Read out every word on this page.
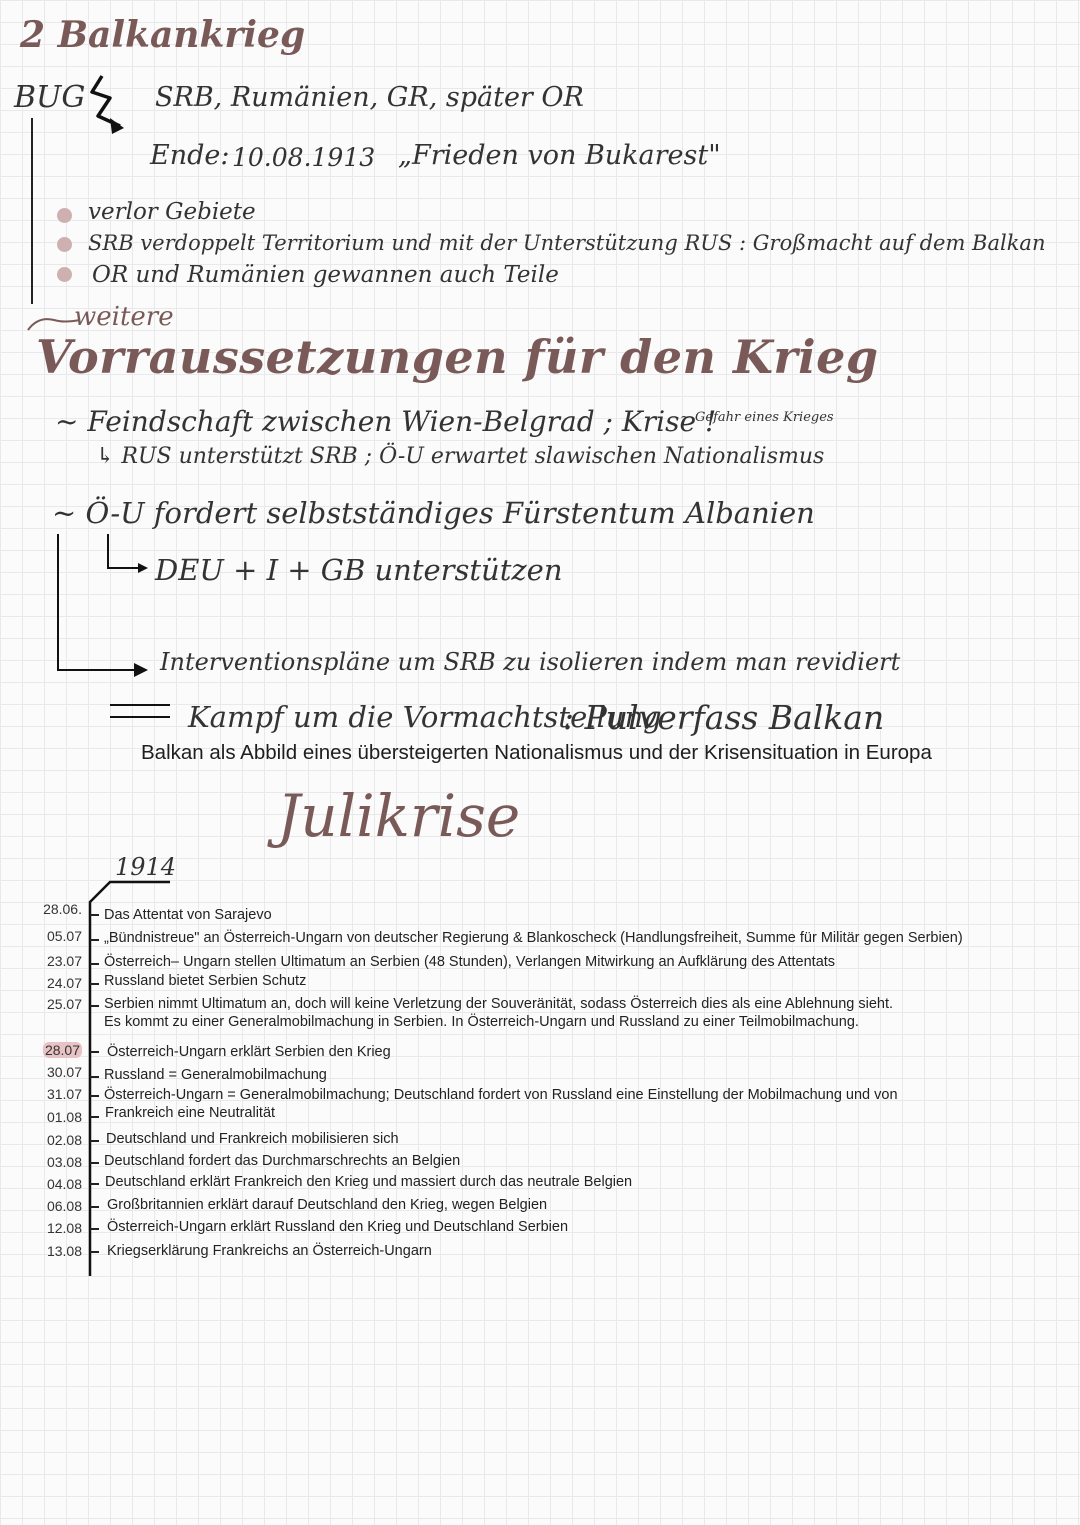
2 Balkankrieg
BUG	SRB, Rumänien, GR, später OR
Ende: 10.08.1913 „Frieden von Bukarest"
verlor Gebiete
SRB verdoppelt Territorium und mit der Unterstützung RUS : Großmacht auf dem Balkan
OR und Rumänien gewannen auch Teile
weitere
Vorraussetzungen für den Krieg
~ Feindschaft zwischen Wien-Belgrad ; Krise !
~ Gefahr eines Krieges
↳ RUS unterstützt SRB ; Ö-U erwartet slawischen Nationalismus
~ Ö-U fordert selbstständiges Fürstentum Albanien
DEU + I + GB unterstützen
Interventionspläne um SRB zu isolieren indem man revidiert
Kampf um die Vormachtstellung
: Pulverfass Balkan
Balkan als Abbild eines übersteigerten Nationalismus und der Krisensituation in Europa
Julikrise
1914
28.06. Das Attentat von Sarajevo
05.07 „Bündnistreue" an Österreich-Ungarn von deutscher Regierung & Blankoscheck (Handlungsfreiheit, Summe für Militär gegen Serbien)
23.07 Österreich– Ungarn stellen Ultimatum an Serbien (48 Stunden), Verlangen Mitwirkung an Aufklärung des Attentats
24.07 Russland bietet Serbien Schutz
25.07 Serbien nimmt Ultimatum an, doch will keine Verletzung der Souveränität, sodass Österreich dies als eine Ablehnung sieht.
Es kommt zu einer Generalmobilmachung in Serbien. In Österreich-Ungarn und Russland zu einer Teilmobilmachung.
28.07 Österreich-Ungarn erklärt Serbien den Krieg
30.07 Russland = Generalmobilmachung
31.07 Österreich-Ungarn = Generalmobilmachung; Deutschland fordert von Russland eine Einstellung der Mobilmachung und von
01.08 Frankreich eine Neutralität
02.08 Deutschland und Frankreich mobilisieren sich
03.08 Deutschland fordert das Durchmarschrechts an Belgien
04.08 Deutschland erklärt Frankreich den Krieg und massiert durch das neutrale Belgien
06.08 Großbritannien erklärt darauf Deutschland den Krieg, wegen Belgien
12.08 Österreich-Ungarn erklärt Russland den Krieg und Deutschland Serbien
13.08 Kriegserklärung Frankreichs an Österreich-Ungarn
